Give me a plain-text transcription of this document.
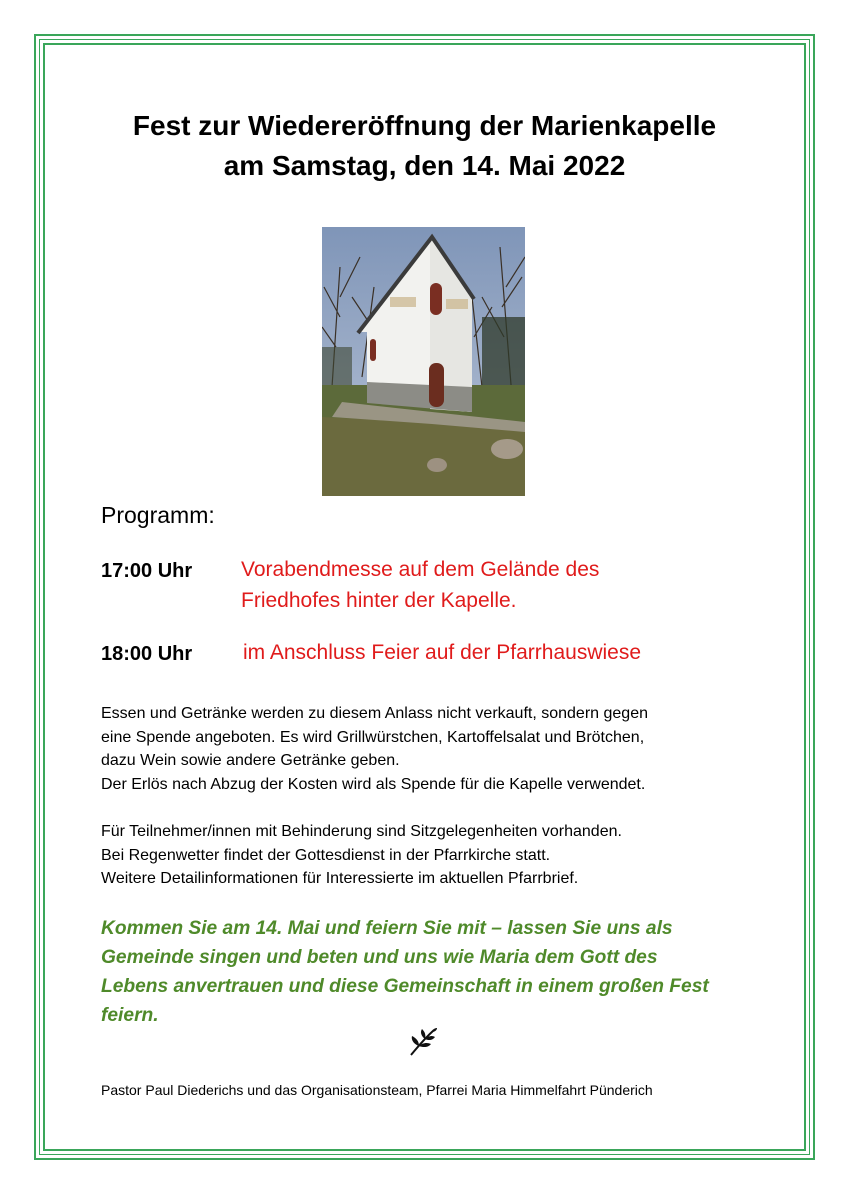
Fest zur Wiedereröffnung der Marienkapelle
am Samstag, den 14. Mai 2022
Programm:
17:00 Uhr Vorabendmesse auf dem Gelände des
Friedhofes hinter der Kapelle.
18:00 Uhr im Anschluss Feier auf der Pfarrhauswiese
Essen und Getränke werden zu diesem Anlass nicht verkauft, sondern gegen
eine Spende angeboten. Es wird Grillwürstchen, Kartoffelsalat und Brötchen,
dazu Wein sowie andere Getränke geben.
Der Erlös nach Abzug der Kosten wird als Spende für die Kapelle verwendet.
Für Teilnehmer/innen mit Behinderung sind Sitzgelegenheiten vorhanden.
Bei Regenwetter findet der Gottesdienst in der Pfarrkirche statt.
Weitere Detailinformationen für Interessierte im aktuellen Pfarrbrief.
Kommen Sie am 14. Mai und feiern Sie mit – lassen Sie uns als
Gemeinde singen und beten und uns wie Maria dem Gott des
Lebens anvertrauen und diese Gemeinschaft in einem großen Fest
feiern.
Pastor Paul Diederichs und das Organisationsteam, Pfarrei Maria Himmelfahrt Pünderich
